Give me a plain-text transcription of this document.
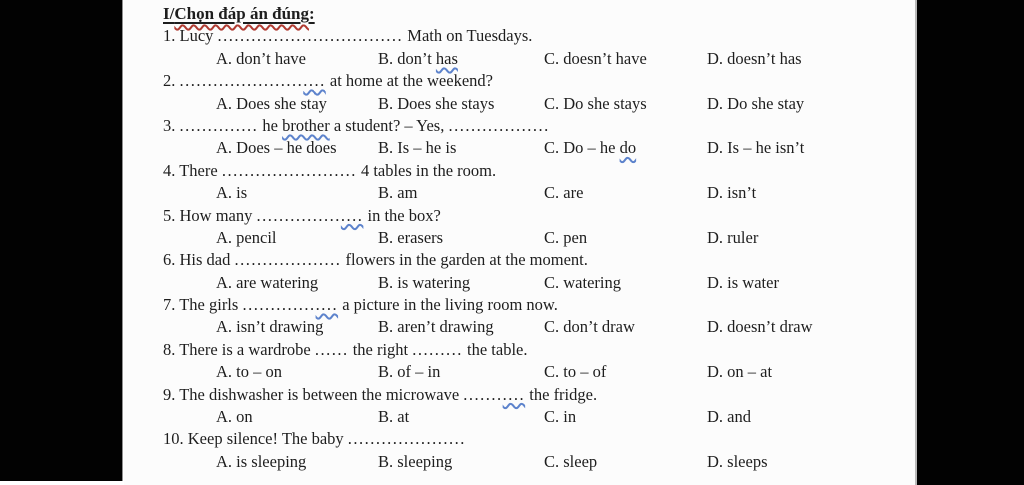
I/Chọn đáp án đúng:
1. Lucy ................................. Math on Tuesdays.
A. don’t have	B. don’t has	C. doesn’t have	D. doesn’t has
2. .......................... at home at the weekend?
A. Does she stay	B. Does she stays	C. Do she stays	D. Do she stay
3. .............. he brother a student? – Yes, ..................
A. Does – he does	B. Is – he is	C. Do – he do	D. Is – he isn’t
4. There ........................ 4 tables in the room.
A. is	B. am	C. are	D. isn’t
5. How many ................... in the box?
A. pencil	B. erasers	C. pen	D. ruler
6. His dad ................... flowers in the garden at the moment.
A. are watering	B. is watering	C. watering	D. is water
7. The girls ................. a picture in the living room now.
A. isn’t drawing	B. aren’t drawing	C. don’t draw	D. doesn’t draw
8. There is a wardrobe ...... the right ......... the table.
A. to – on	B. of – in	C. to – of	D. on – at
9. The dishwasher is between the microwave ........... the fridge.
A. on	B. at	C. in	D. and
10. Keep silence! The baby .....................
A. is sleeping	B. sleeping	C. sleep	D. sleeps
